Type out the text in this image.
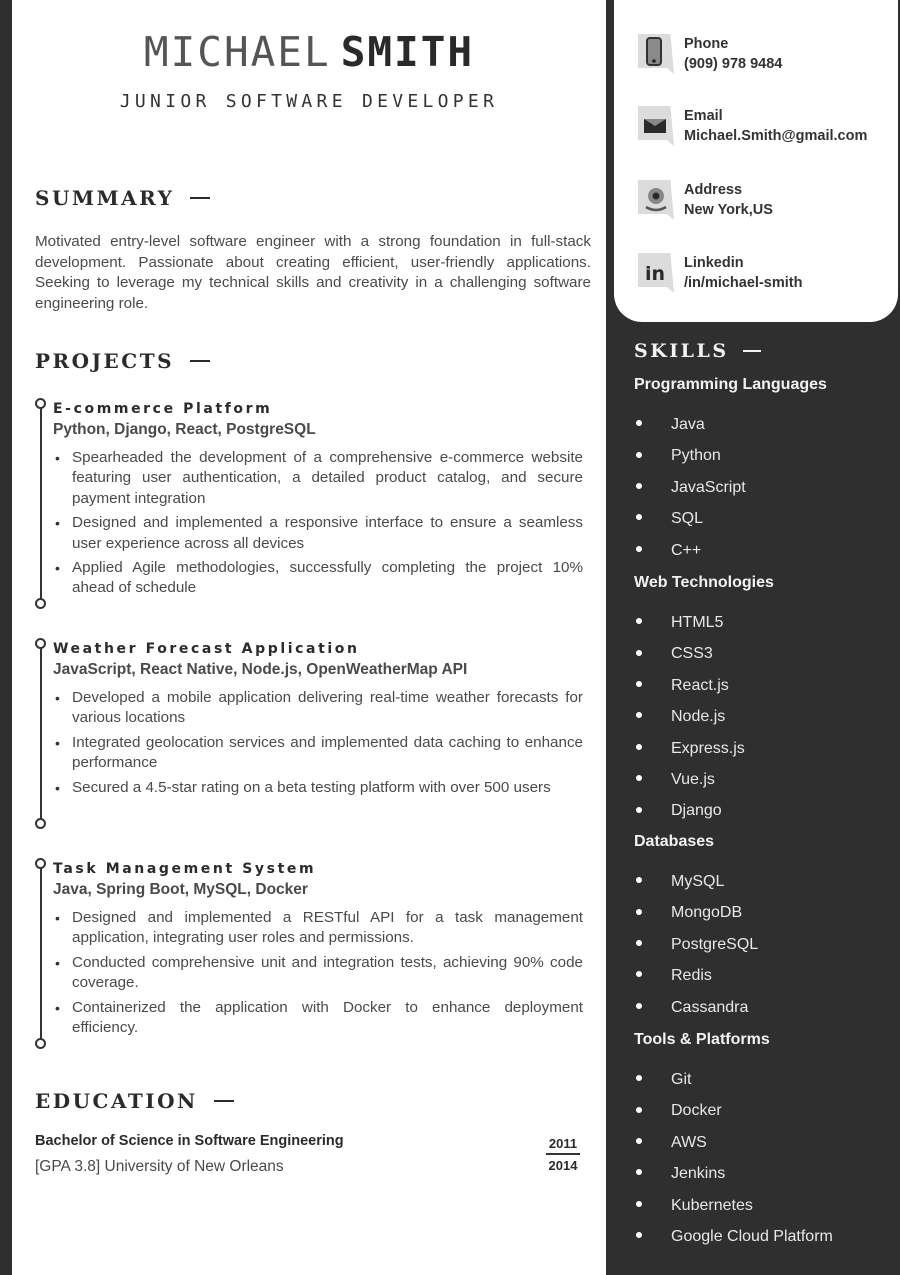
MICHAEL SMITH
JUNIOR SOFTWARE DEVELOPER
SUMMARY

Motivated entry-level software engineer with a strong foundation in full-stack development. Passionate about creating efficient, user-friendly applications. Seeking to leverage my technical skills and creativity in a challenging software engineering role.

PROJECTS
E-commerce Platform
Python, Django, React, PostgreSQL
• Spearheaded the development of a comprehensive e-commerce website featuring user authentication, a detailed product catalog, and secure payment integration
• Designed and implemented a responsive interface to ensure a seamless user experience across all devices
• Applied Agile methodologies, successfully completing the project 10% ahead of schedule
Weather Forecast Application
JavaScript, React Native, Node.js, OpenWeatherMap API
• Developed a mobile application delivering real-time weather forecasts for various locations
• Integrated geolocation services and implemented data caching to enhance performance
• Secured a 4.5-star rating on a beta testing platform with over 500 users
Task Management System
Java, Spring Boot, MySQL, Docker
• Designed and implemented a RESTful API for a task management application, integrating user roles and permissions.
• Conducted comprehensive unit and integration tests, achieving 90% code coverage.
• Containerized the application with Docker to enhance deployment efficiency.
EDUCATION
Bachelor of Science in Software Engineering
[GPA 3.8] University of New Orleans
2011
2014
Phone
(909) 978 9484
Email
Michael.Smith@gmail.com
Address
New York,US
in Linkedin
/in/michael-smith
SKILLS
Programming Languages
Java
Python
JavaScript
SQL
C++
Web Technologies
HTML5
CSS3
React.js
Node.js
Express.js
Vue.js
Django
Databases
MySQL
MongoDB
PostgreSQL
Redis
Cassandra
Tools & Platforms
Git
Docker
AWS
Jenkins
Kubernetes
Google Cloud Platform
